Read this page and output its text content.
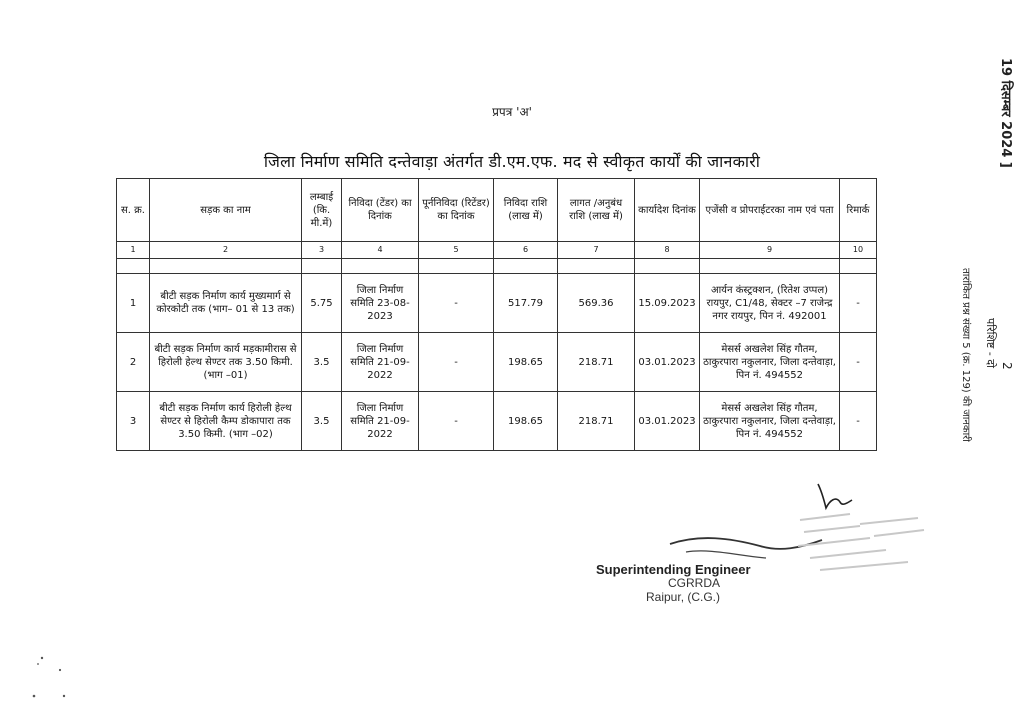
प्रपत्र 'अ'
जिला निर्माण समिति दन्तेवाड़ा अंतर्गत डी.एम.एफ. मद से स्वीकृत कार्यों की जानकारी
स. क्र.	सड़क का नाम	लम्बाई (कि. मी.में)	निविदा (टेंडर) का दिनांक	पूर्ननिविदा (रिटेंडर) का दिनांक	निविदा राशि (लाख में)	लागत /अनुबंध राशि (लाख में)	कार्यादेश दिनांक	एजेंसी व प्रोपराईटरका नाम एवं पता	रिमार्क
1	2	3	4	5	6	7	8	9	10

1	बीटी सड़क निर्माण कार्य मुख्यमार्ग से कोरकोटी तक (भाग– 01 से 13 तक)	5.75	जिला निर्माण समिति 23-08-2023	-	517.79	569.36	15.09.2023	आर्यन कंस्ट्रक्शन, (रितेश उप्पल) रायपुर, C1/48, सेक्टर –7 राजेन्द्र नगर रायपुर, पिन नं. 492001	-
2	बीटी सड़क निर्माण कार्य मड़कामीरास से हिरोली हेल्थ सेण्टर तक 3.50 किमी. (भाग –01)	3.5	जिला निर्माण समिति 21-09-2022	-	198.65	218.71	03.01.2023	मेसर्स अखलेश सिंह गौतम, ठाकुरपारा नकुलनार, जिला दन्तेवाड़ा, पिन नं. 494552	-
3	बीटी सड़क निर्माण कार्य हिरोली हेल्थ सेण्टर से हिरोली कैम्प डोकापारा तक 3.50 किमी. (भाग –02)	3.5	जिला निर्माण समिति 21-09-2022	-	198.65	218.71	03.01.2023	मेसर्स अखलेश सिंह गौतम, ठाकुरपारा नकुलनार, जिला दन्तेवाड़ा, पिन नं. 494552	-
19 दिसम्बर 2024 ]
2
परिशिष्ट - दो
तारांकित प्रश्न संख्या 5 (क्र. 129) की जानकारी
Superintending Engineer
CGRRDA
Raipur, (C.G.)
